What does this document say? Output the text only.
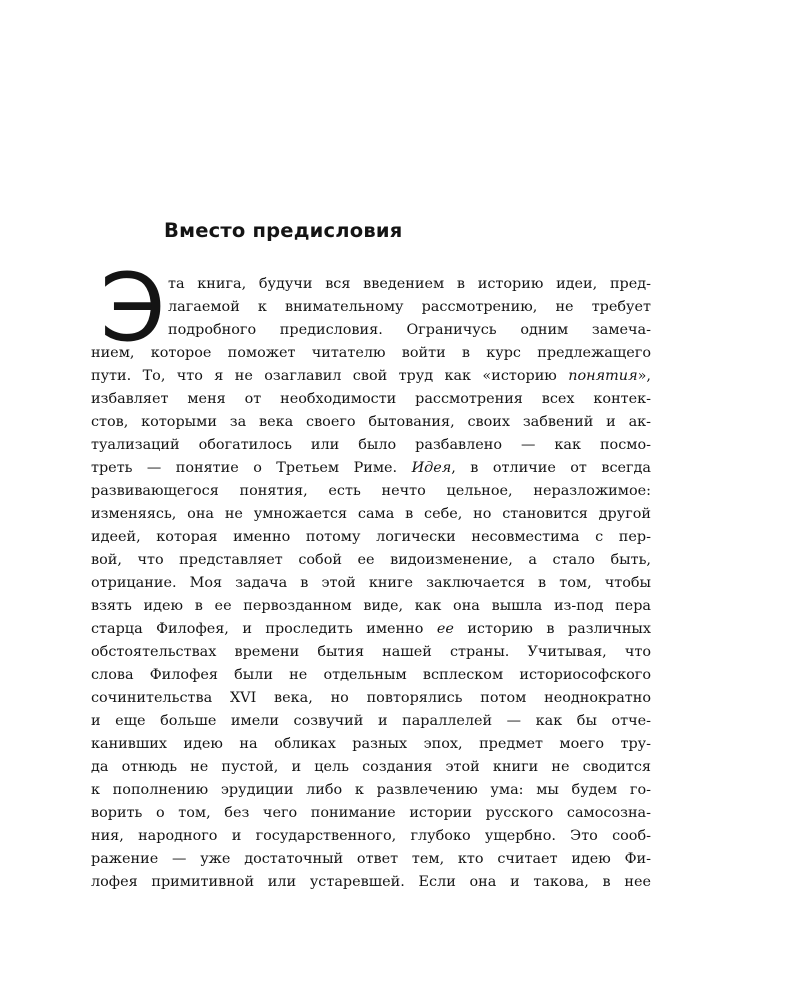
Вместо предисловия
Э та книга, будучи вся введением в историю идеи, пред-
лагаемой к внимательному рассмотрению, не требует
подробного предисловия. Ограничусь одним замеча-
нием, которое поможет читателю войти в курс предлежащего
пути. То, что я не озаглавил свой труд как «историю понятия»,
избавляет меня от необходимости рассмотрения всех контек-
стов, которыми за века своего бытования, своих забвений и ак-
туализаций обогатилось или было разбавлено — как посмо-
треть — понятие о Третьем Риме. Идея, в отличие от всегда
развивающегося понятия, есть нечто цельное, неразложимое:
изменяясь, она не умножается сама в себе, но становится другой
идеей, которая именно потому логически несовместима с пер-
вой, что представляет собой ее видоизменение, а стало быть,
отрицание. Моя задача в этой книге заключается в том, чтобы
взять идею в ее первозданном виде, как она вышла из-под пера
старца Филофея, и проследить именно ее историю в различных
обстоятельствах времени бытия нашей страны. Учитывая, что
слова Филофея были не отдельным всплеском историософского
сочинительства XVI века, но повторялись потом неоднократно
и еще больше имели созвучий и параллелей — как бы отче-
канивших идею на обликах разных эпох, предмет моего тру-
да отнюдь не пустой, и цель создания этой книги не сводится
к пополнению эрудиции либо к развлечению ума: мы будем го-
ворить о том, без чего понимание истории русского самосозна-
ния, народного и государственного, глубоко ущербно. Это сооб-
ражение — уже достаточный ответ тем, кто считает идею Фи-
лофея примитивной или устаревшей. Если она и такова, в нее
